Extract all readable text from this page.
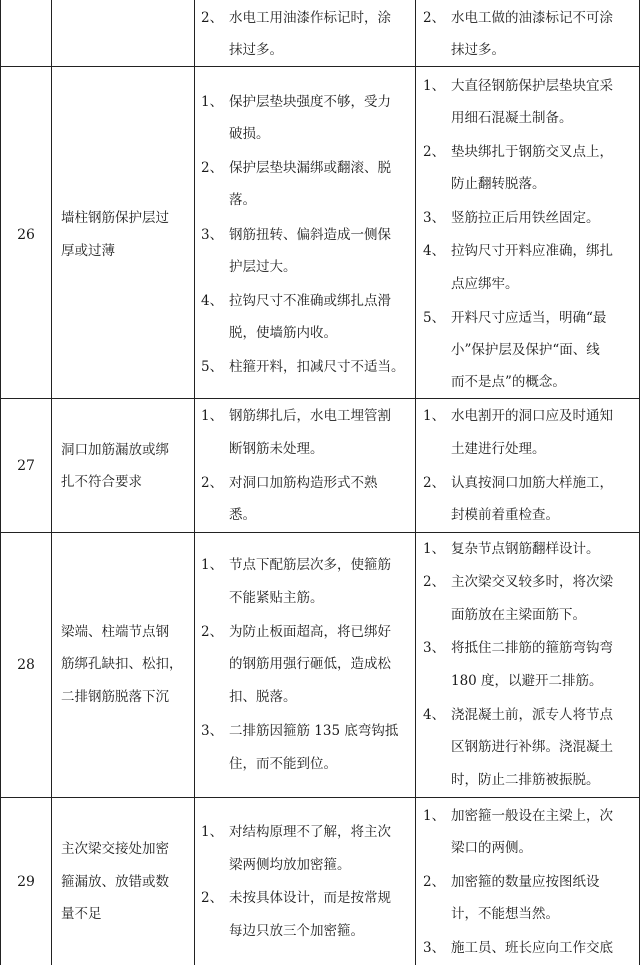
2、 水电工用油漆作标记时，涂
抹过多。
2、 水电工做的油漆标记不可涂
抹过多。
26
墙柱钢筋保护层过
厚或过薄
1、 保护层垫块强度不够，受力
破损。
2、 保护层垫块漏绑或翻滚、脱
落。
3、 钢筋扭转、偏斜造成一侧保
护层过大。
4、 拉钩尺寸不准确或绑扎点滑
脱，使墙筋内收。
5、 柱箍开料，扣减尺寸不适当。
1、 大直径钢筋保护层垫块宜采
用细石混凝土制备。
2、 垫块绑扎于钢筋交叉点上，
防止翻转脱落。
3、 竖筋拉正后用铁丝固定。
4、 拉钩尺寸开料应准确，绑扎
点应绑牢。
5、 开料尺寸应适当，明确“最
小”保护层及保护“面、线
而不是点”的概念。
27
洞口加筋漏放或绑
扎不符合要求
1、 钢筋绑扎后，水电工埋管割
断钢筋未处理。
2、 对洞口加筋构造形式不熟
悉。
1、 水电割开的洞口应及时通知
土建进行处理。
2、 认真按洞口加筋大样施工，
封模前着重检查。
28
梁端、柱端节点钢
筋绑孔缺扣、松扣，
二排钢筋脱落下沉
1、 节点下配筋层次多，使箍筋
不能紧贴主筋。
2、 为防止板面超高，将已绑好
的钢筋用强行砸低，造成松
扣、脱落。
3、 二排筋因箍筋 135 底弯钩抵
住，而不能到位。
1、 复杂节点钢筋翻样设计。
2、 主次梁交叉较多时，将次梁
面筋放在主梁面筋下。
3、 将抵住二排筋的箍筋弯钩弯
180 度，以避开二排筋。
4、 浇混凝土前，派专人将节点
区钢筋进行补绑。浇混凝土
时，防止二排筋被振脱。
29
主次梁交接处加密
箍漏放、放错或数
量不足
1、 对结构原理不了解，将主次
梁两侧均放加密箍。
2、 未按具体设计，而是按常规
每边只放三个加密箍。
1、 加密箍一般设在主梁上，次
梁口的两侧。
2、 加密箍的数量应按图纸设
计，不能想当然。
3、 施工员、班长应向工作交底
